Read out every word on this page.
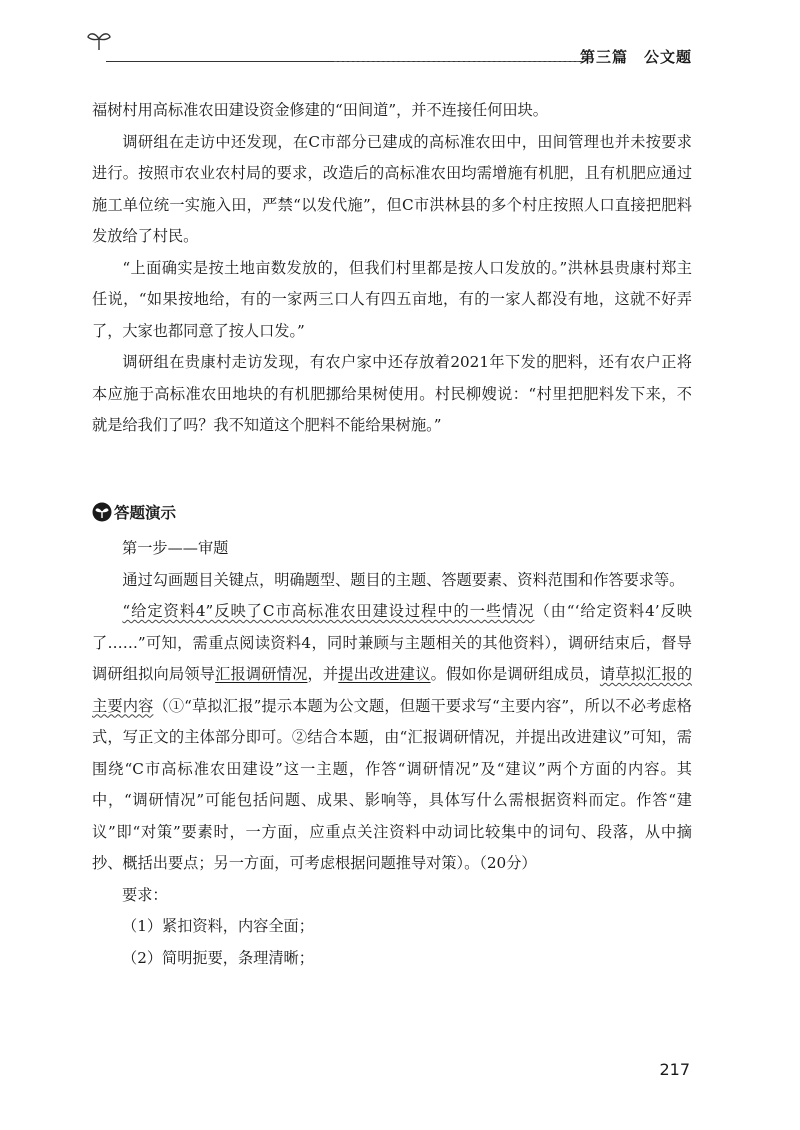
第三篇　公文题

福树村用高标准农田建设资金修建的“田间道”，并不连接任何田块。

调研组在走访中还发现，在C市部分已建成的高标准农田中，田间管理也并未按要求进行。按照市农业农村局的要求，改造后的高标准农田均需增施有机肥，且有机肥应通过施工单位统一实施入田，严禁“以发代施”，但C市洪林县的多个村庄按照人口直接把肥料发放给了村民。

“上面确实是按土地亩数发放的，但我们村里都是按人口发放的。”洪林县贵康村郑主任说，“如果按地给，有的一家两三口人有四五亩地，有的一家人都没有地，这就不好弄了，大家也都同意了按人口发。”

调研组在贵康村走访发现，有农户家中还存放着2021年下发的肥料，还有农户正将本应施于高标准农田地块的有机肥挪给果树使用。村民柳嫂说：“村里把肥料发下来，不就是给我们了吗？我不知道这个肥料不能给果树施。”

答题演示

第一步——审题

通过勾画题目关键点，明确题型、题目的主题、答题要素、资料范围和作答要求等。

“给定资料4”反映了C市高标准农田建设过程中的一些情况（由“‘给定资料4’反映了……”可知，需重点阅读资料4，同时兼顾与主题相关的其他资料），调研结束后，督导调研组拟向局领导汇报调研情况，并提出改进建议。假如你是调研组成员，请草拟汇报的主要内容（①“草拟汇报”提示本题为公文题，但题干要求写“主要内容”，所以不必考虑格式，写正文的主体部分即可。②结合本题，由“汇报调研情况，并提出改进建议”可知，需围绕“C市高标准农田建设”这一主题，作答“调研情况”及“建议”两个方面的内容。其中，“调研情况”可能包括问题、成果、影响等，具体写什么需根据资料而定。作答“建议”即“对策”要素时，一方面，应重点关注资料中动词比较集中的词句、段落，从中摘抄、概括出要点；另一方面，可考虑根据问题推导对策）。（20分）

要求：

（1）紧扣资料，内容全面；

（2）简明扼要，条理清晰；

217
